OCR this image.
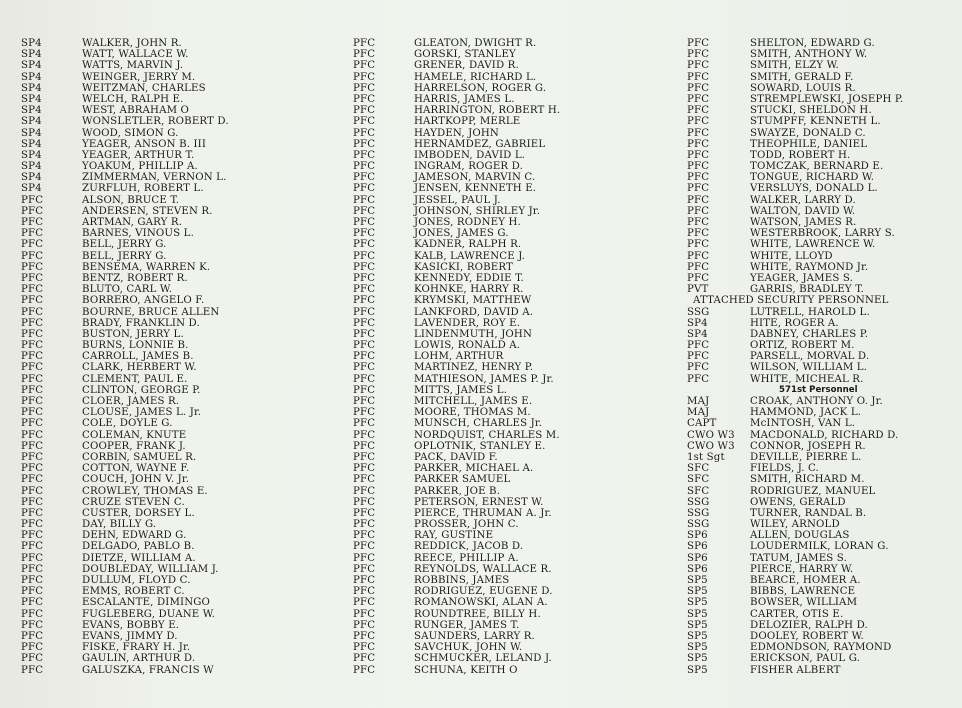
SP4	WALKER, JOHN R.
SP4	WATT, WALLACE W.
SP4	WATTS, MARVIN J.
SP4	WEINGER, JERRY M.
SP4	WEITZMAN, CHARLES
SP4	WELCH, RALPH E.
SP4	WEST, ABRAHAM O
SP4	WONSLETLER, ROBERT D.
SP4	WOOD, SIMON G.
SP4	YEAGER, ANSON B. III
SP4	YEAGER, ARTHUR T.
SP4	YOAKUM, PHILLIP A.
SP4	ZIMMERMAN, VERNON L.
SP4	ZURFLUH, ROBERT L.
PFC	ALSON, BRUCE T.
PFC	ANDERSEN, STEVEN R.
PFC	ARTMAN, GARY R.
PFC	BARNES, VINOUS L.
PFC	BELL, JERRY G.
PFC	BELL, JERRY G.
PFC	BENSEMA, WARREN K.
PFC	BENTZ, ROBERT R.
PFC	BLUTO, CARL W.
PFC	BORRERO, ANGELO F.
PFC	BOURNE, BRUCE ALLEN
PFC	BRADY, FRANKLIN D.
PFC	BUSTON, JERRY L.
PFC	BURNS, LONNIE B.
PFC	CARROLL, JAMES B.
PFC	CLARK, HERBERT W.
PFC	CLEMENT, PAUL E.
PFC	CLINTON, GEORGE P.
PFC	CLOER, JAMES R.
PFC	CLOUSE, JAMES L. Jr.
PFC	COLE, DOYLE G.
PFC	COLEMAN, KNUTE
PFC	COOPER, FRANK J.
PFC	CORBIN, SAMUEL R.
PFC	COTTON, WAYNE F.
PFC	COUCH, JOHN V. Jr.
PFC	CROWLEY, THOMAS E.
PFC	CRUZE STEVEN C.
PFC	CUSTER, DORSEY L.
PFC	DAY, BILLY G.
PFC	DEHN, EDWARD G.
PFC	DELGADO, PABLO B.
PFC	DIETZE, WILLIAM A.
PFC	DOUBLEDAY, WILLIAM J.
PFC	DULLUM, FLOYD C.
PFC	EMMS, ROBERT C.
PFC	ESCALANTE, DIMINGO
PFC	FUGLEBERG, DUANE W.
PFC	EVANS, BOBBY E.
PFC	EVANS, JIMMY D.
PFC	FISKE, FRARY H. Jr.
PFC	GAULIN, ARTHUR D.
PFC	GALUSZKA, FRANCIS W
PFC	GLEATON, DWIGHT R.
PFC	GORSKI, STANLEY
PFC	GRENER, DAVID R.
PFC	HAMELE, RICHARD L.
PFC	HARRELSON, ROGER G.
PFC	HARRIS, JAMES L.
PFC	HARRINGTON, ROBERT H.
PFC	HARTKOPP, MERLE
PFC	HAYDEN, JOHN
PFC	HERNAMDEZ, GABRIEL
PFC	IMBODEN, DAVID L.
PFC	INGRAM, ROGER D.
PFC	JAMESON, MARVIN C.
PFC	JENSEN, KENNETH E.
PFC	JESSEL, PAUL J.
PFC	JOHNSON, SHIRLEY Jr.
PFC	JONES, RODNEY H.
PFC	JONES, JAMES G.
PFC	KADNER, RALPH R.
PFC	KALB, LAWRENCE J.
PFC	KASICKI, ROBERT
PFC	KENNEDY, EDDIE T.
PFC	KOHNKE, HARRY R.
PFC	KRYMSKI, MATTHEW
PFC	LANKFORD, DAVID A.
PFC	LAVENDER, ROY E.
PFC	LINDENMUTH, JOHN
PFC	LOWIS, RONALD A.
PFC	LOHM, ARTHUR
PFC	MARTINEZ, HENRY P.
PFC	MATHIESON, JAMES P. Jr.
PFC	MITTS, JAMES L.
PFC	MITCHELL, JAMES E.
PFC	MOORE, THOMAS M.
PFC	MUNSCH, CHARLES Jr.
PFC	NORDQUIST, CHARLES M.
PFC	OPLOTNIK, STANLEY E.
PFC	PACK, DAVID F.
PFC	PARKER, MICHAEL A.
PFC	PARKER SAMUEL
PFC	PARKER, JOE B.
PFC	PETERSON, ERNEST W.
PFC	PIERCE, THRUMAN A. Jr.
PFC	PROSSER, JOHN C.
PFC	RAY, GUSTINE
PFC	REDDICK, JACOB D.
PFC	REECE, PHILLIP A.
PFC	REYNOLDS, WALLACE R.
PFC	ROBBINS, JAMES
PFC	RODRIGUEZ, EUGENE D.
PFC	ROMANOWSKI, ALAN A.
PFC	ROUNDTREE, BILLY H.
PFC	RUNGER, JAMES T.
PFC	SAUNDERS, LARRY R.
PFC	SAVCHUK, JOHN W.
PFC	SCHMUCKER, LELAND J.
PFC	SCHUNA, KEITH O
PFC	SHELTON, EDWARD G.
PFC	SMITH, ANTHONY W.
PFC	SMITH, ELZY W.
PFC	SMITH, GERALD F.
PFC	SOWARD, LOUIS R.
PFC	STREMPLEWSKI, JOSEPH P.
PFC	STUCKI, SHELDON H.
PFC	STUMPFF, KENNETH L.
PFC	SWAYZE, DONALD C.
PFC	THEOPHILE, DANIEL
PFC	TODD, ROBERT H.
PFC	TOMCZAK, BERNARD E.
PFC	TONGUE, RICHARD W.
PFC	VERSLUYS, DONALD L.
PFC	WALKER, LARRY D.
PFC	WALTON, DAVID W.
PFC	WATSON, JAMES R.
PFC	WESTERBROOK, LARRY S.
PFC	WHITE, LAWRENCE W.
PFC	WHITE, LLOYD
PFC	WHITE, RAYMOND Jr.
PFC	YEAGER, JAMES S.
PVT	GARRIS, BRADLEY T.
ATTACHED SECURITY PERSONNEL
SSG	LUTRELL, HAROLD L.
SP4	HITE, ROGER A.
SP4	DABNEY, CHARLES P.
PFC	ORTIZ, ROBERT M.
PFC	PARSELL, MORVAL D.
PFC	WILSON, WILLIAM L.
PFC	WHITE, MICHEAL R.
571st Personnel
MAJ	CROAK, ANTHONY O. Jr.
MAJ	HAMMOND, JACK L.
CAPT	McINTOSH, VAN L.
CWO W3	MACDONALD, RICHARD D.
CWO W3	CONNOR, JOSEPH R.
1st Sgt	DEVILLE, PIERRE L.
SFC	FIELDS, J. C.
SFC	SMITH, RICHARD M.
SFC	RODRIGUEZ, MANUEL
SSG	OWENS, GERALD
SSG	TURNER, RANDAL B.
SSG	WILEY, ARNOLD
SP6	ALLEN, DOUGLAS
SP6	LOUDERMILK, LORAN G.
SP6	TATUM, JAMES S.
SP6	PIERCE, HARRY W.
SP5	BEARCE, HOMER A.
SP5	BIBBS, LAWRENCE
SP5	BOWSER, WILLIAM
SP5	CARTER, OTIS E.
SP5	DELOZIER, RALPH D.
SP5	DOOLEY, ROBERT W.
SP5	EDMONDSON, RAYMOND
SP5	ERICKSON, PAUL G.
SP5	FISHER ALBERT
